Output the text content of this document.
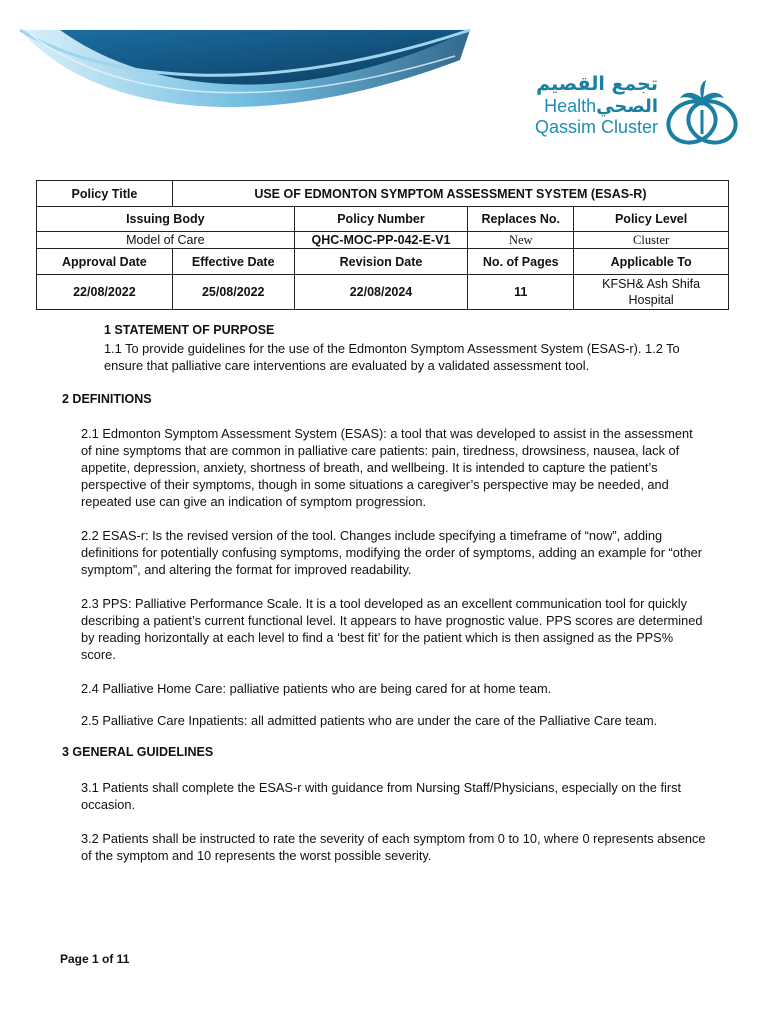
تجمع القصيم
Healthالصحي
Qassim Cluster
Policy Title	USE OF EDMONTON SYMPTOM ASSESSMENT SYSTEM (ESAS-R)			
Issuing Body		Policy Number	Replaces No.	Policy Level
Model of Care		QHC-MOC-PP-042-E-V1	New	Cluster
Approval Date	Effective Date	Revision Date	No. of Pages	Applicable To
22/08/2022	25/08/2022	22/08/2024	11	KFSH& Ash Shifa Hospital
1 STATEMENT OF PURPOSE
1.1 To provide guidelines for the use of the Edmonton Symptom Assessment System (ESAS-r). 1.2 To ensure that palliative care interventions are evaluated by a validated assessment tool.
2 DEFINITIONS
2.1 Edmonton Symptom Assessment System (ESAS): a tool that was developed to assist in the assessment of nine symptoms that are common in palliative care patients: pain, tiredness, drowsiness, nausea, lack of appetite, depression, anxiety, shortness of breath, and wellbeing. It is intended to capture the patient’s perspective of their symptoms, though in some situations a caregiver’s perspective may be needed, and repeated use can give an indication of symptom progression.
2.2 ESAS-r: Is the revised version of the tool. Changes include specifying a timeframe of “now”, adding definitions for potentially confusing symptoms, modifying the order of symptoms, adding an example for “other symptom”, and altering the format for improved readability.
2.3 PPS: Palliative Performance Scale. It is a tool developed as an excellent communication tool for quickly describing a patient’s current functional level. It appears to have prognostic value. PPS scores are determined by reading horizontally at each level to find a ‘best fit’ for the patient which is then assigned as the PPS% score.
2.4 Palliative Home Care: palliative patients who are being cared for at home team.
2.5 Palliative Care Inpatients: all admitted patients who are under the care of the Palliative Care team.
3 GENERAL GUIDELINES
3.1 Patients shall complete the ESAS-r with guidance from Nursing Staff/Physicians, especially on the first occasion.
3.2 Patients shall be instructed to rate the severity of each symptom from 0 to 10, where 0 represents absence of the symptom and 10 represents the worst possible severity.
Page 1 of 11
